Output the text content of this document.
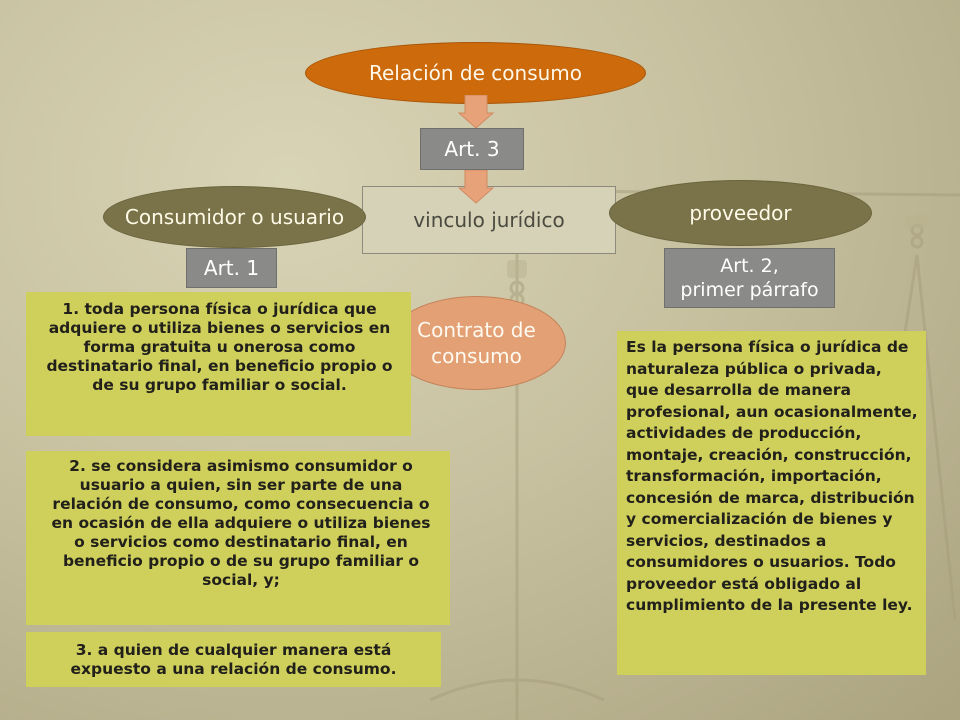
Relación de consumo
Art. 3
vinculo jurídico
Consumidor o usuario	proveedor
Art. 1	Art. 2,
primer párrafo
Contrato de
consumo

1. toda persona física o jurídica que adquiere o utiliza bienes o servicios en forma gratuita u onerosa como destinatario final, en beneficio propio o de su grupo familiar o social.

2. se considera asimismo consumidor o usuario a quien, sin ser parte de una relación de consumo, como consecuencia o en ocasión de ella adquiere o utiliza bienes o servicios como destinatario final, en beneficio propio o de su grupo familiar o social, y;

3. a quien de cualquier manera está expuesto a una relación de consumo.

Es la persona física o jurídica de naturaleza pública o privada, que desarrolla de manera profesional, aun ocasionalmente, actividades de producción, montaje, creación, construcción, transformación, importación, concesión de marca, distribución y comercialización de bienes y servicios, destinados a consumidores o usuarios. Todo proveedor está obligado al cumplimiento de la presente ley.
